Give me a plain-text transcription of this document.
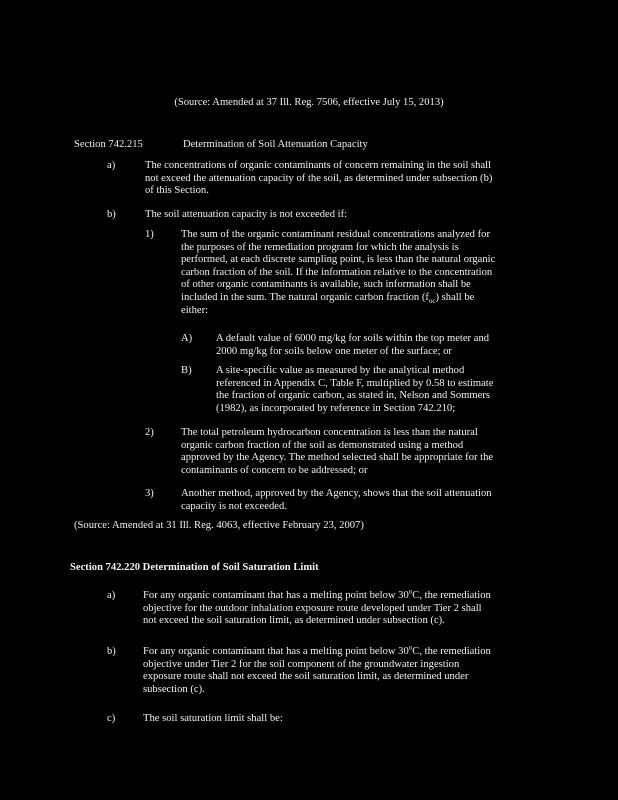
(Source: Amended at 37 Ill. Reg. 7506, effective July 15, 2013)
Section 742.215	Determination of Soil Attenuation Capacity
a)	The concentrations of organic contaminants of concern remaining in the soil shall
not exceed the attenuation capacity of the soil, as determined under subsection (b)
of this Section.
b)	The soil attenuation capacity is not exceeded if:
1)	The sum of the organic contaminant residual concentrations analyzed for
the purposes of the remediation program for which the analysis is
performed, at each discrete sampling point, is less than the natural organic
carbon fraction of the soil. If the information relative to the concentration
of other organic contaminants is available, such information shall be
included in the sum. The natural organic carbon fraction $(f_{oc})$ shall be
either:
A) A default value of 6000 mg/kg for soils within the top meter and
2000 mg/kg for soils below one meter of the surface; or
B) A site-specific value as measured by the analytical method
referenced in Appendix C, Table F, multiplied by 0.58 to estimate
the fraction of organic carbon, as stated in, Nelson and Sommers
(1982), as incorporated by reference in Section 742.210;
2)	The total petroleum hydrocarbon concentration is less than the natural
organic carbon fraction of the soil as demonstrated using a method
approved by the Agency. The method selected shall be appropriate for the
contaminants of concern to be addressed; or
3)	Another method, approved by the Agency, shows that the soil attenuation
capacity is not exceeded.
(Source: Amended at 31 Ill. Reg. 4063, effective February 23, 2007)
Section 742.220 Determination of Soil Saturation Limit
a)	For any organic contaminant that has a melting point below 30$^o$C, the remediation
objective for the outdoor inhalation exposure route developed under Tier 2 shall
not exceed the soil saturation limit, as determined under subsection (c).
b)	For any organic contaminant that has a melting point below 30$^o$C, the remediation
objective under Tier 2 for the soil component of the groundwater ingestion
exposure route shall not exceed the soil saturation limit, as determined under
subsection (c).
c)	The soil saturation limit shall be:
